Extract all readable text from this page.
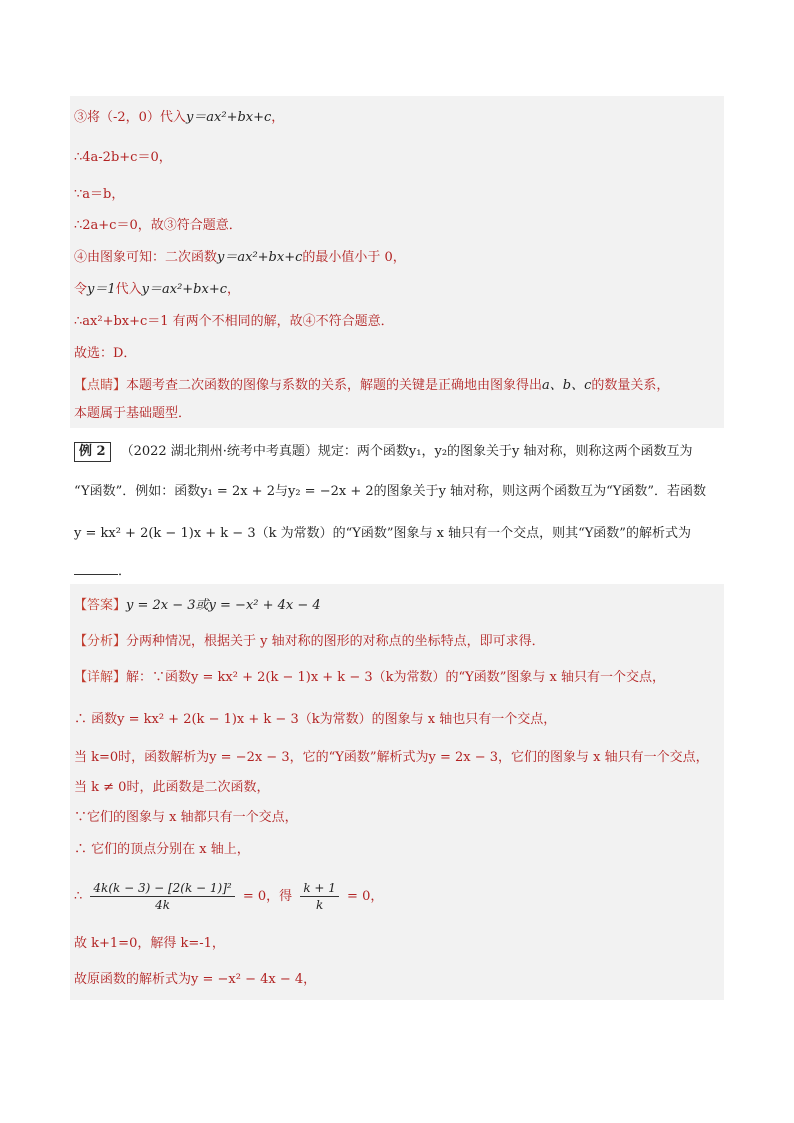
③将（-2，0）代入y＝ax²+bx+c，
∴4a-2b+c＝0，
∵a＝b，
∴2a+c＝0，故③符合题意．
④由图象可知：二次函数y＝ax²+bx+c的最小值小于 0，
令y＝1代入y＝ax²+bx+c，
∴ax²+bx+c＝1 有两个不相同的解，故④不符合题意．
故选：D．
【点睛】本题考查二次函数的图像与系数的关系，解题的关键是正确地由图象得出a、b、c的数量关系，
本题属于基础题型．
例 2 （2022 湖北荆州·统考中考真题）规定：两个函数y₁，y₂的图象关于y 轴对称，则称这两个函数互为
“Y函数”．例如：函数y₁ = 2x + 2与y₂ = −2x + 2的图象关于y 轴对称，则这两个函数互为“Y函数”．若函数
y = kx² + 2(k − 1)x + k − 3（k 为常数）的“Y函数”图象与 x 轴只有一个交点，则其“Y函数”的解析式为
．
【答案】y = 2x − 3或y = −x² + 4x − 4
【分析】分两种情况，根据关于 y 轴对称的图形的对称点的坐标特点，即可求得．
【详解】解：∵函数y = kx² + 2(k − 1)x + k − 3（k为常数）的“Y函数”图象与 x 轴只有一个交点，
∴ 函数y = kx² + 2(k − 1)x + k − 3（k为常数）的图象与 x 轴也只有一个交点，
当 k=0时，函数解析为y = −2x − 3，它的“Y函数”解析式为y = 2x − 3，它们的图象与 x 轴只有一个交点，
当 k ≠ 0时，此函数是二次函数，
∵它们的图象与 x 轴都只有一个交点，
∴ 它们的顶点分别在 x 轴上，
∴ $\frac{\text{4k(k − 3) − [2(k − 1)]²}}{4k} = 0$，得 $\frac{k + 1}{k} = 0$，
故 k+1=0，解得 k=-1，
故原函数的解析式为y = −x² − 4x − 4，
